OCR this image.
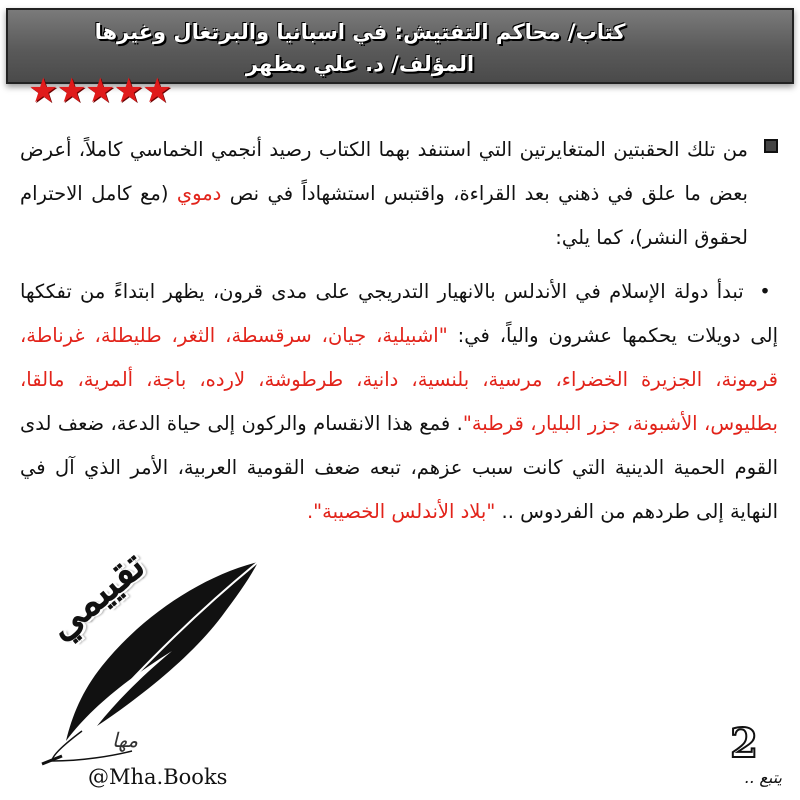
كتاب/ محاكم التفتيش: في اسبانيا والبرتغال وغيرها
المؤلف/ د. علي مظهر
★★★★★
من تلك الحقبتين المتغايرتين التي استنفد بهما الكتاب رصيد أنجمي الخماسي كاملاً، أعرض بعض ما علق في ذهني بعد القراءة، واقتبس استشهاداً في نص دموي (مع كامل الاحترام لحقوق النشر)، كما يلي:
• تبدأ دولة الإسلام في الأندلس بالانهيار التدريجي على مدى قرون، يظهر ابتداءً من تفككها إلى دويلات يحكمها عشرون والياً، في: "اشبيلية، جيان، سرقسطة، الثغر، طليطلة، غرناطة، قرمونة، الجزيرة الخضراء، مرسية، بلنسية، دانية، طرطوشة، لارده، باجة، ألمرية، مالقا، بطليوس، الأشبونة، جزر البليار، قرطبة". فمع هذا الانقسام والركون إلى حياة الدعة، ضعف لدى القوم الحمية الدينية التي كانت سبب عزهم، تبعه ضعف القومية العربية، الأمر الذي آل في النهاية إلى طردهم من الفردوس .. "بلاد الأندلس الخصيبة".
تقييمي
مها
@Mha.Books
2
يتبع ..
